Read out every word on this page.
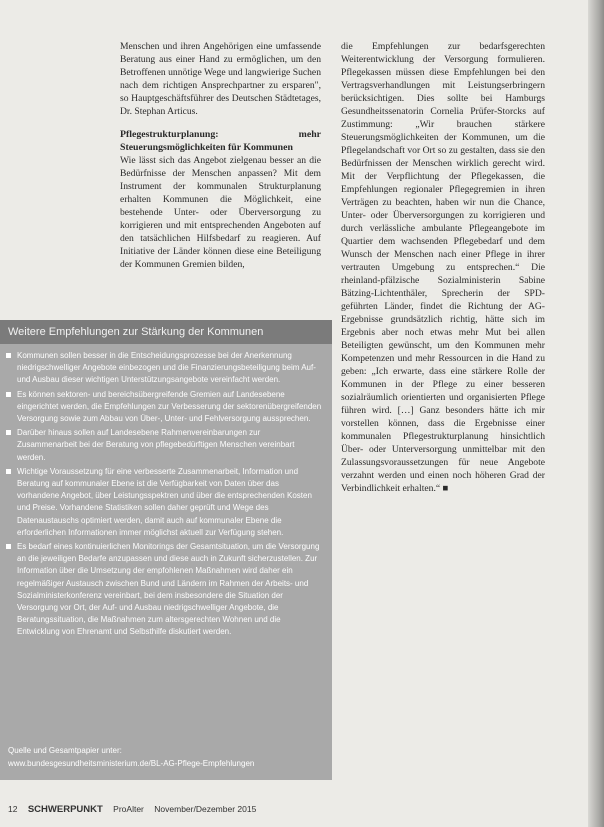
Menschen und ihren Angehörigen eine umfassende Beratung aus einer Hand zu ermöglichen, um den Betroffenen unnötige Wege und langwierige Suchen nach dem richtigen Ansprechpartner zu ersparen", so Hauptgeschäftsführer des Deutschen Städtetages, Dr. Stephan Articus.

Pflegestrukturplanung: mehr Steuerungsmöglichkeiten für Kommunen

Wie lässt sich das Angebot zielgenau besser an die Bedürfnisse der Menschen anpassen? Mit dem Instrument der kommunalen Strukturplanung erhalten Kommunen die Möglichkeit, eine bestehende Unter- oder Überversorgung zu korrigieren und mit entsprechenden Angeboten auf den tatsächlichen Hilfsbedarf zu reagieren. Auf Initiative der Länder können diese eine Beteiligung der Kommunen Gremien bilden,

die Empfehlungen zur bedarfsgerechten Weiterentwicklung der Versorgung formulieren. Pflegekassen müssen diese Empfehlungen bei den Vertragsverhandlungen mit Leistungserbringern berücksichtigen. Dies sollte bei Hamburgs Gesundheitssenatorin Cornelia Prüfer-Storcks auf Zustimmung: „Wir brauchen stärkere Steuerungsmöglichkeiten der Kommunen, um die Pflegelandschaft vor Ort so zu gestalten, dass sie den Bedürfnissen der Menschen wirklich gerecht wird. Mit der Verpflichtung der Pflegekassen, die Empfehlungen regionaler Pflegegremien in ihren Verträgen zu beachten, haben wir nun die Chance, Unter- oder Überversorgungen zu korrigieren und durch verlässliche ambulante Pflegeangebote im Quartier dem wachsenden Pflegebedarf und dem Wunsch der Menschen nach einer Pflege in ihrer vertrauten Umgebung zu entsprechen.“ Die rheinland-pfälzische Sozialministerin Sabine Bätzing-Lichtenthäler, Sprecherin der SPD-geführten Länder, findet die Richtung der AG-Ergebnisse grundsätzlich richtig, hätte sich im Ergebnis aber noch etwas mehr Mut bei allen Beteiligten gewünscht, um den Kommunen mehr Kompetenzen und mehr Ressourcen in die Hand zu geben: „Ich erwarte, dass eine stärkere Rolle der Kommunen in der Pflege zu einer besseren sozialräumlich orientierten und organisierten Pflege führen wird. […] Ganz besonders hätte ich mir vorstellen können, dass die Ergebnisse einer kommunalen Pflegestrukturplanung hinsichtlich Über- oder Unterversorgung unmittelbar mit den Zulassungsvoraussetzungen für neue Angebote verzahnt werden und einen noch höheren Grad der Verbindlichkeit erhalten.“ ■

Weitere Empfehlungen zur Stärkung der Kommunen
Kommunen sollen besser in die Entscheidungsprozesse bei der Anerkennung niedrigschwelliger Angebote einbezogen und die Finanzierungsbeteiligung beim Auf- und Ausbau dieser wichtigen Unterstützungsangebote vereinfacht werden.
Es können sektoren- und bereichsübergreifende Gremien auf Landesebene eingerichtet werden, die Empfehlungen zur Verbesserung der sektorenübergreifenden Versorgung sowie zum Abbau von Über-, Unter- und Fehlversorgung aussprechen.
Darüber hinaus sollen auf Landesebene Rahmenvereinbarungen zur Zusammenarbeit bei der Beratung von pflegebedürftigen Menschen vereinbart werden.
Wichtige Voraussetzung für eine verbesserte Zusammenarbeit, Information und Beratung auf kommunaler Ebene ist die Verfügbarkeit von Daten über das vorhandene Angebot, über Leistungsspektren und über die entsprechenden Kosten und Preise. Vorhandene Statistiken sollen daher geprüft und Wege des Datenaustauschs optimiert werden, damit auch auf kommunaler Ebene die erforderlichen Informationen immer möglichst aktuell zur Verfügung stehen.
Es bedarf eines kontinuierlichen Monitorings der Gesamtsituation, um die Versorgung an die jeweiligen Bedarfe anzupassen und diese auch in Zukunft sicherzustellen. Zur Information über die Umsetzung der empfohlenen Maßnahmen wird daher ein regelmäßiger Austausch zwischen Bund und Ländern im Rahmen der Arbeits- und Sozialministerkonferenz vereinbart, bei dem insbesondere die Situation der Versorgung vor Ort, der Auf- und Ausbau niedrigschwelliger Angebote, die Beratungssituation, die Maßnahmen zum altersgerechten Wohnen und die Entwicklung von Ehrenamt und Selbsthilfe diskutiert werden.
Quelle und Gesamtpapier unter:
www.bundesgesundheitsministerium.de/BL-AG-Pflege-Empfehlungen
12 SCHWERPUNKT ProAlter November/Dezember 2015
